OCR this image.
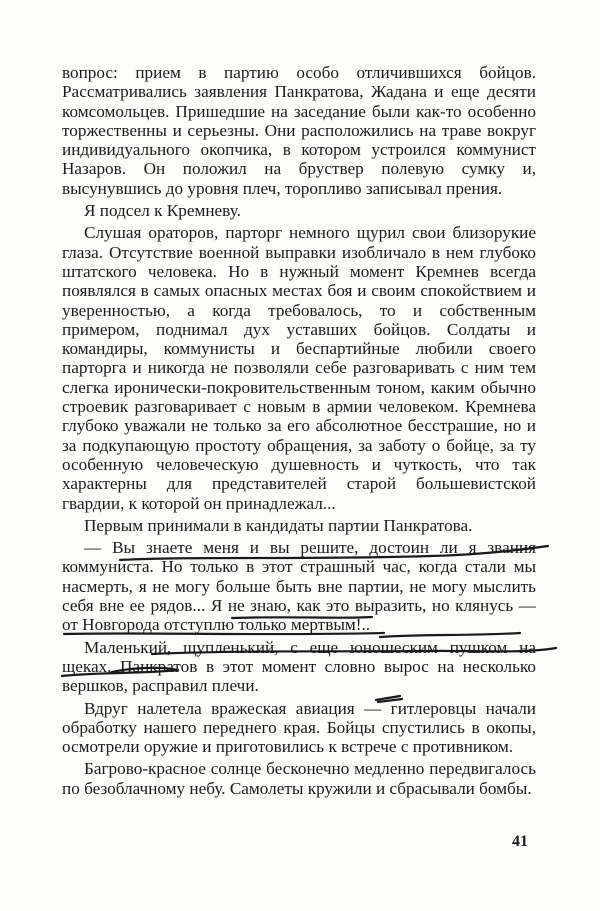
вопрос: прием в партию особо отличившихся бойцов. Рассматривались заявления Панкратова, Жадана и еще десяти комсомольцев. Пришедшие на заседание были как-то особенно торжественны и серьезны. Они расположились на траве вокруг индивидуального окопчика, в котором устроился коммунист Назаров. Он положил на бруствер полевую сумку и, высунувшись до уровня плеч, торопливо записывал прения.

Я подсел к Кремневу.

Слушая ораторов, парторг немного щурил свои близорукие глаза. Отсутствие военной выправки изобличало в нем глубоко штатского человека. Но в нужный момент Кремнев всегда появлялся в самых опасных местах боя и своим спокойствием и уверенностью, а когда требовалось, то и собственным примером, поднимал дух уставших бойцов. Солдаты и командиры, коммунисты и беспартийные любили своего парторга и никогда не позволяли себе разговаривать с ним тем слегка иронически-покровительственным тоном, каким обычно строевик разговаривает с новым в армии человеком. Кремнева глубоко уважали не только за его абсолютное бесстрашие, но и за подкупающую простоту обращения, за заботу о бойце, за ту особенную человеческую душевность и чуткость, что так характерны для представителей старой большевистской гвардии, к которой он принадлежал...

Первым принимали в кандидаты партии Панкратова.

— Вы знаете меня и вы решите, достоин ли я звания коммуниста. Но только в этот страшный час, когда стали мы насмерть, я не могу больше быть вне партии, не могу мыслить себя вне ее рядов... Я не знаю, как это выразить, но клянусь — от Новгорода отступлю только мертвым!..

Маленький, щупленький, с еще юношеским пушком на щеках, Панкратов в этот момент словно вырос на несколько вершков, расправил плечи.

Вдруг налетела вражеская авиация — гитлеровцы начали обработку нашего переднего края. Бойцы спустились в окопы, осмотрели оружие и приготовились к встрече с противником.

Багрово-красное солнце бесконечно медленно передвигалось по безоблачному небу. Самолеты кружили и сбрасывали бомбы.

41
